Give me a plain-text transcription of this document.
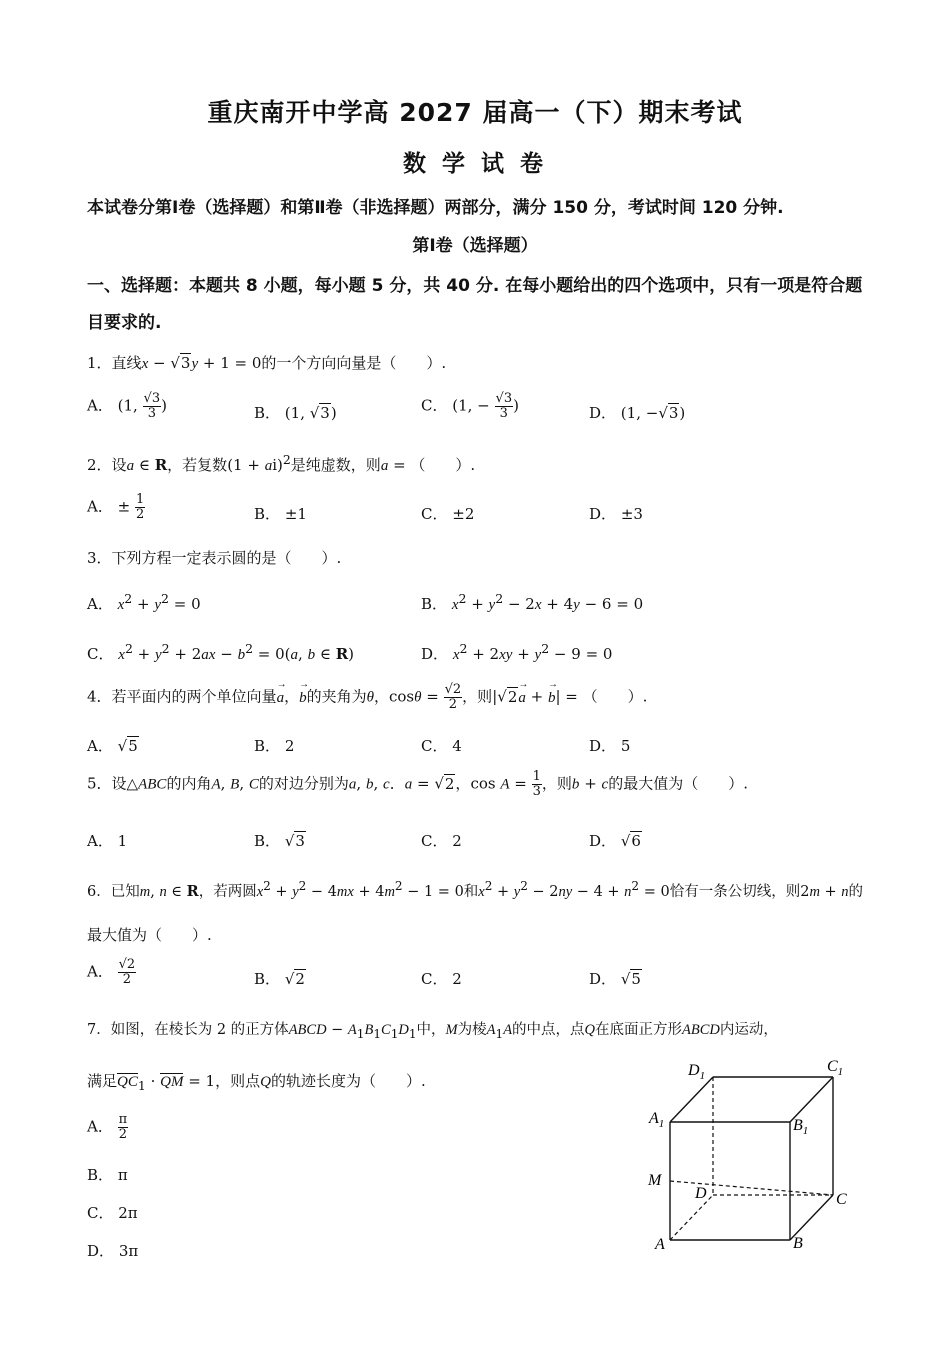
重庆南开中学高 2027 届高一（下）期末考试
数 学 试 卷
本试卷分第Ⅰ卷（选择题）和第Ⅱ卷（非选择题）两部分，满分 150 分，考试时间 120 分钟.
第Ⅰ卷（选择题）
一、选择题：本题共 8 小题，每小题 5 分，共 40 分. 在每小题给出的四个选项中，只有一项是符合题目要求的.
1．直线x − √3y + 1 = 0的一个方向向量是（　　）.
A． (1, $\frac{√3}{3}$ )	B． (1, √3)	C． (1, − $\frac{√3}{3}$ )	D． (1, −√3)
2．设a ∈ R，若复数(1 + ai)$^2$是纯虚数，则a = （　　）.
A． ± $\frac{1}{2}$	B． ±1	C． ±2	D． ±3
3．下列方程一定表示圆的是（　　）.
A． $x^2 + y^2 = 0$	B． $x^2 + y^2 - 2x + 4y - 6 = 0$
C． $x^2 + y^2 + 2ax - b^2 = 0(a$, b ∈ R)	D． $x^2 + 2xy + y^2 - 9 = 0$
4．若平面内的两个单位向量→ a，→ b的夹角为θ，$\cos\theta = \frac{√2}{2}$ ，则|√2→ a + → b| = （　　）.
A． √5	B． 2	C． 4	D． 5
5．设△ABC的内角A, B, C的对边分别为a, b, c．a = √2，$\cos A = \frac{1}{3}$ ，则b + c的最大值为（　　）.
A． 1	B． √3	C． 2	D． √6
6．已知m, n ∈ R，若两圆$x^2 + y^2 - 4mx + 4m^2 - 1 = 0$和$x^2 + y^2 - 2ny - 4 + n^2 = 0$恰有一条公切线，则2m + n的
最大值为（　　）.
A． $\frac{√2}{2}$	B． √2	C． 2	D． √5
7．如图，在棱长为 2 的正方体ABCD − $A_1B_1C_1D_1$中，M为棱$A_1A$的中点，点Q在底面正方形ABCD内运动，
满足$QC_1$ · QM = 1，则点Q的轨迹长度为（　　）.
A． $\frac{\pi}{2}$
B． π
C． 2π
D． 3π
$D_1$
$C_1$
$A_1$	$B_1$
M
D	C
A	B
